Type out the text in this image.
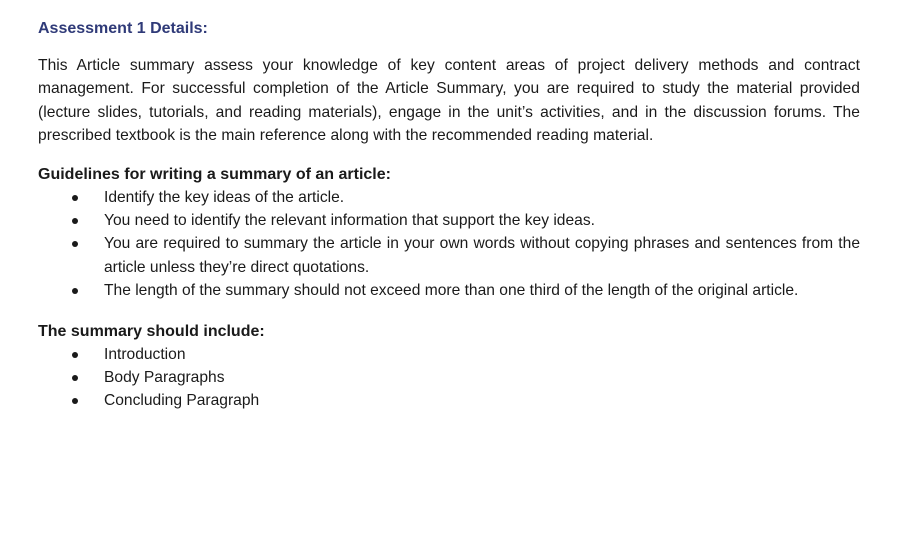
Assessment 1 Details:

This Article summary assess your knowledge of key content areas of project delivery methods and contract management. For successful completion of the Article Summary, you are required to study the material provided (lecture slides, tutorials, and reading materials), engage in the unit’s activities, and in the discussion forums. The prescribed textbook is the main reference along with the recommended reading material.

Guidelines for writing a summary of an article:
Identify the key ideas of the article.
You need to identify the relevant information that support the key ideas.
You are required to summary the article in your own words without copying phrases and sentences from the article unless they’re direct quotations.
The length of the summary should not exceed more than one third of the length of the original article.
The summary should include:
Introduction
Body Paragraphs
Concluding Paragraph
